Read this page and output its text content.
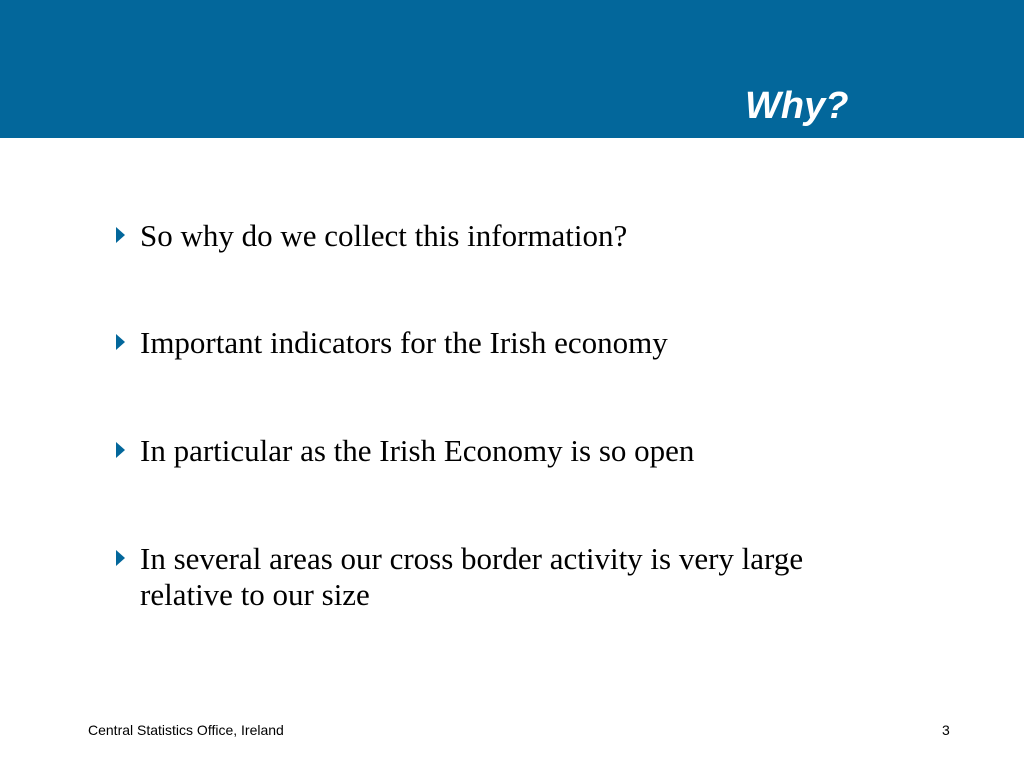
Why?
So why do we collect this information?
Important indicators for the Irish economy
In particular as the Irish Economy is so open
In several areas our cross border activity is very large relative to our size
Central Statistics Office, Ireland	3
